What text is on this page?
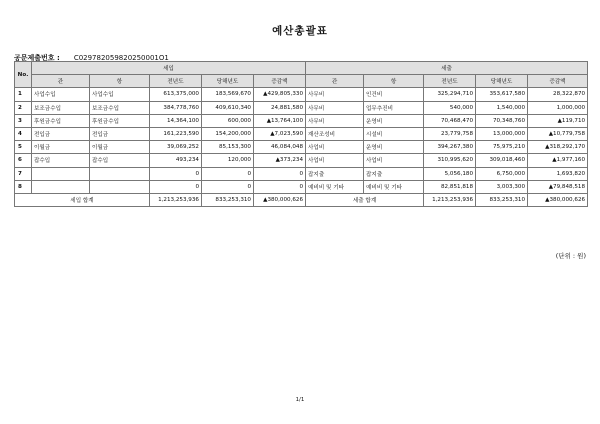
예산총괄표
공문제출번호 : C029782059820250001O1
No.	세입					세출				
	관	항	전년도	당해년도	증감액	관	항	전년도	당해년도	증감액
1	사업수입	사업수입	613,375,000	183,569,670	▲429,805,330	사무비	인건비	325,294,710	353,617,580	28,322,870
2	보조금수입	보조금수입	384,778,760	409,610,340	24,881,580	사무비	업무추진비	540,000	1,540,000	1,000,000
3	후원금수입	후원금수입	14,364,100	600,000	▲13,764,100	사무비	운영비	70,468,470	70,348,760	▲119,710
4	전입금	전입금	161,223,590	154,200,000	▲7,023,590	재산조성비	시설비	23,779,758	13,000,000	▲10,779,758
5	이월금	이월금	39,069,252	85,153,300	46,084,048	사업비	운영비	394,267,380	75,975,210	▲318,292,170
6	잡수입	잡수입	493,234	120,000	▲373,234	사업비	사업비	310,995,620	309,018,460	▲1,977,160
7			0	0	0	잡지출	잡지출	5,056,180	6,750,000	1,693,820
8			0	0	0	예비비 및 기타	예비비 및 기타	82,851,818	3,003,300	▲79,848,518
세입 합계			1,213,253,936	833,253,310	▲380,000,626	세출 합계		1,213,253,936	833,253,310	▲380,000,626
(단위 : 원)
1/1
